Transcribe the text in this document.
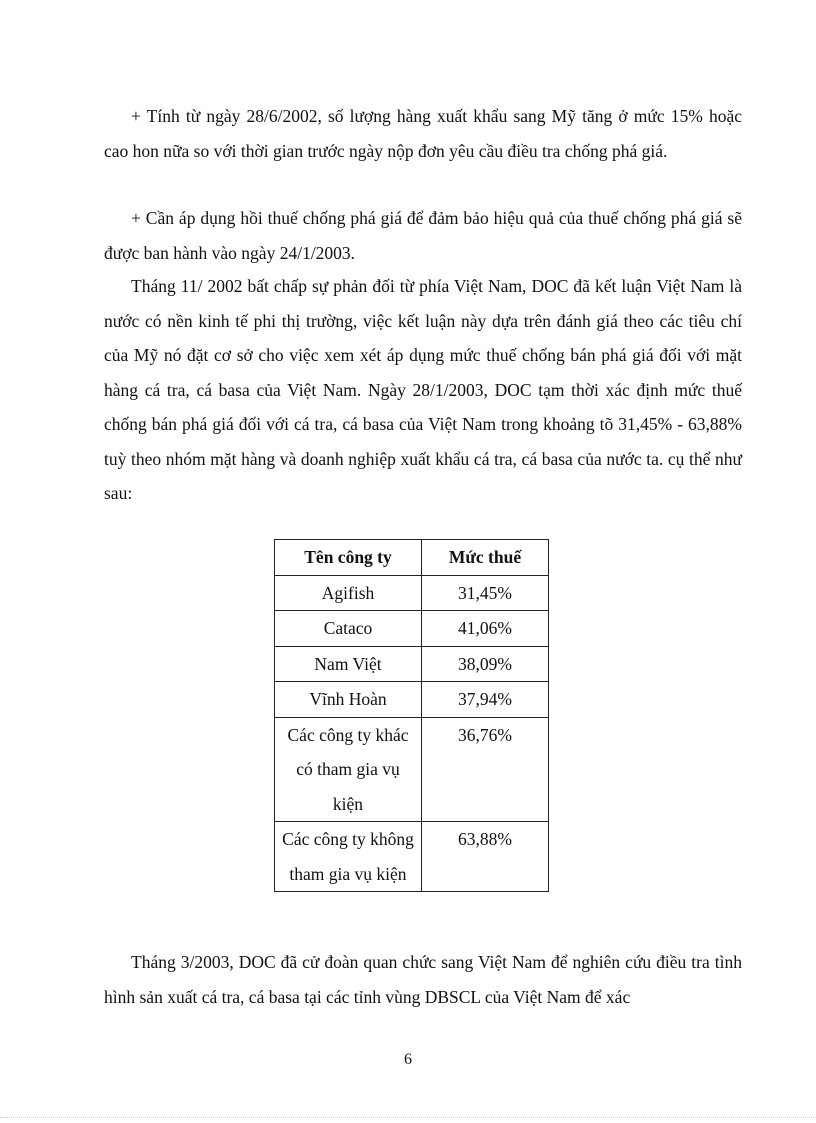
+ Tính từ ngày 28/6/2002, số lượng hàng xuất khẩu sang Mỹ tăng ở mức 15% hoặc cao hon nữa so với thời gian trước ngày nộp đơn yêu cầu điều tra chống phá giá.

+ Cần áp dụng hồi thuế chống phá giá để đảm bảo hiệu quả của thuế chống phá giá sẽ được ban hành vào ngày 24/1/2003.

Tháng 11/ 2002 bất chấp sự phản đối từ phía Việt Nam, DOC đã kết luận Việt Nam là nước có nền kinh tế phi thị trường, việc kết luận này dựa trên đánh giá theo các tiêu chí của Mỹ nó đặt cơ sở cho việc xem xét áp dụng mức thuế chống bán phá giá đối với mặt hàng cá tra, cá basa của Việt Nam. Ngày 28/1/2003, DOC tạm thời xác định mức thuế chống bán phá giá đối với cá tra, cá basa của Việt Nam trong khoảng tõ 31,45% - 63,88% tuỳ theo nhóm mặt hàng và doanh nghiệp xuất khẩu cá tra, cá basa của nước ta. cụ thể như sau:

Tên công ty	Mức thuế
Agifish	31,45%
Cataco	41,06%
Nam Việt	38,09%
Vĩnh Hoàn	37,94%
Các công ty khác có tham gia vụ kiện	36,76%
Các công ty không tham gia vụ kiện	63,88%

Tháng 3/2003, DOC đã cử đoàn quan chức sang Việt Nam để nghiên cứu điều tra tình hình sản xuất cá tra, cá basa tại các tỉnh vùng DBSCL của Việt Nam để xác

6
